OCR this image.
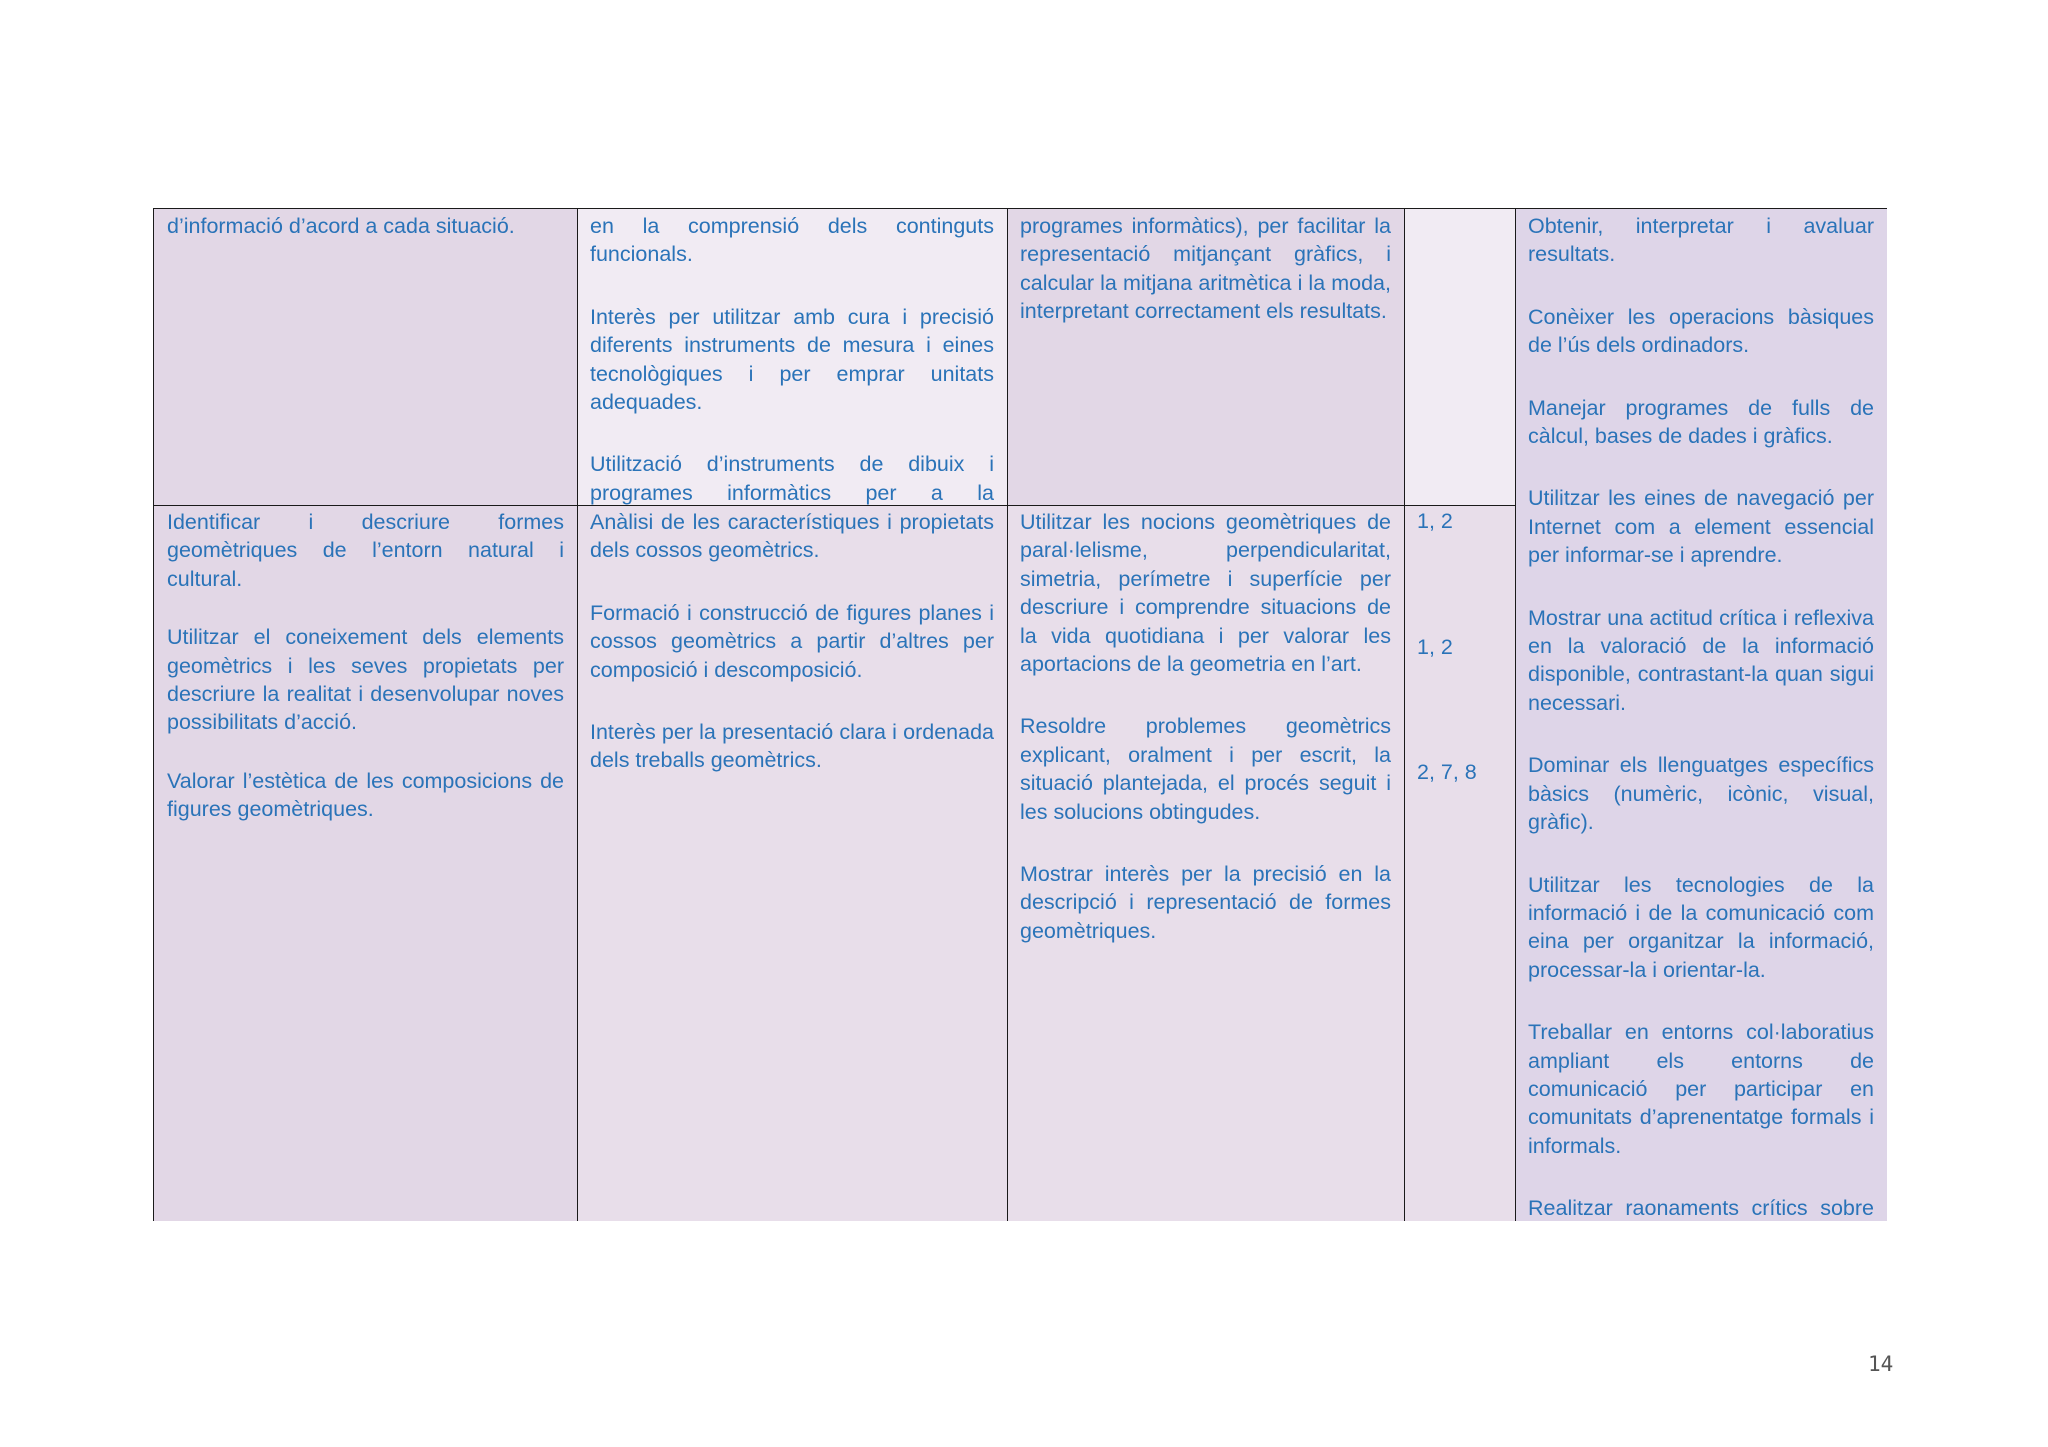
d’informació d’acord a cada situació.	en la comprensió dels continguts funcionals.

Interès per utilitzar amb cura i precisió diferents instruments de mesura i eines tecnològiques i per emprar unitats adequades.

Utilització d’instruments de dibuix i programes informàtics per a la

programes informàtics), per facilitar la representació mitjançant gràfics, i calcular la mitjana aritmètica i la moda, interpretant correctament els resultats.

Identificar i descriure formes geomètriques de l’entorn natural i cultural.

Utilitzar el coneixement dels elements geomètrics i les seves propietats per descriure la realitat i desenvolupar noves possibilitats d’acció.

Valorar l’estètica de les composicions de figures geomètriques.

Anàlisi de les característiques i propietats dels cossos geomètrics.

Formació i construcció de figures planes i cossos geomètrics a partir d’altres per composició i descomposició.

Interès per la presentació clara i ordenada dels treballs geomètrics.

Utilitzar les nocions geomètriques de paral·lelisme, perpendicularitat, simetria, perímetre i superfície per descriure i comprendre situacions de la vida quotidiana i per valorar les aportacions de la geometria en l’art.

Resoldre problemes geomètrics explicant, oralment i per escrit, la situació plantejada, el procés seguit i les solucions obtingudes.

Mostrar interès per la precisió en la descripció i representació de formes geomètriques.

1, 2
1, 2
2, 7, 8

Obtenir, interpretar i avaluar resultats.

Conèixer les operacions bàsiques de l’ús dels ordinadors.

Manejar programes de fulls de càlcul, bases de dades i gràfics.

Utilitzar les eines de navegació per Internet com a element essencial per informar-se i aprendre.

Mostrar una actitud crítica i reflexiva en la valoració de la informació disponible, contrastant-la quan sigui necessari.

Dominar els llenguatges específics bàsics (numèric, icònic, visual, gràfic).

Utilitzar les tecnologies de la informació i de la comunicació com eina per organitzar la informació, processar-la i orientar-la.

Treballar en entorns col·laboratius ampliant els entorns de comunicació per participar en comunitats d’aprenentatge formals i informals.

Realitzar raonaments crítics sobre

14
